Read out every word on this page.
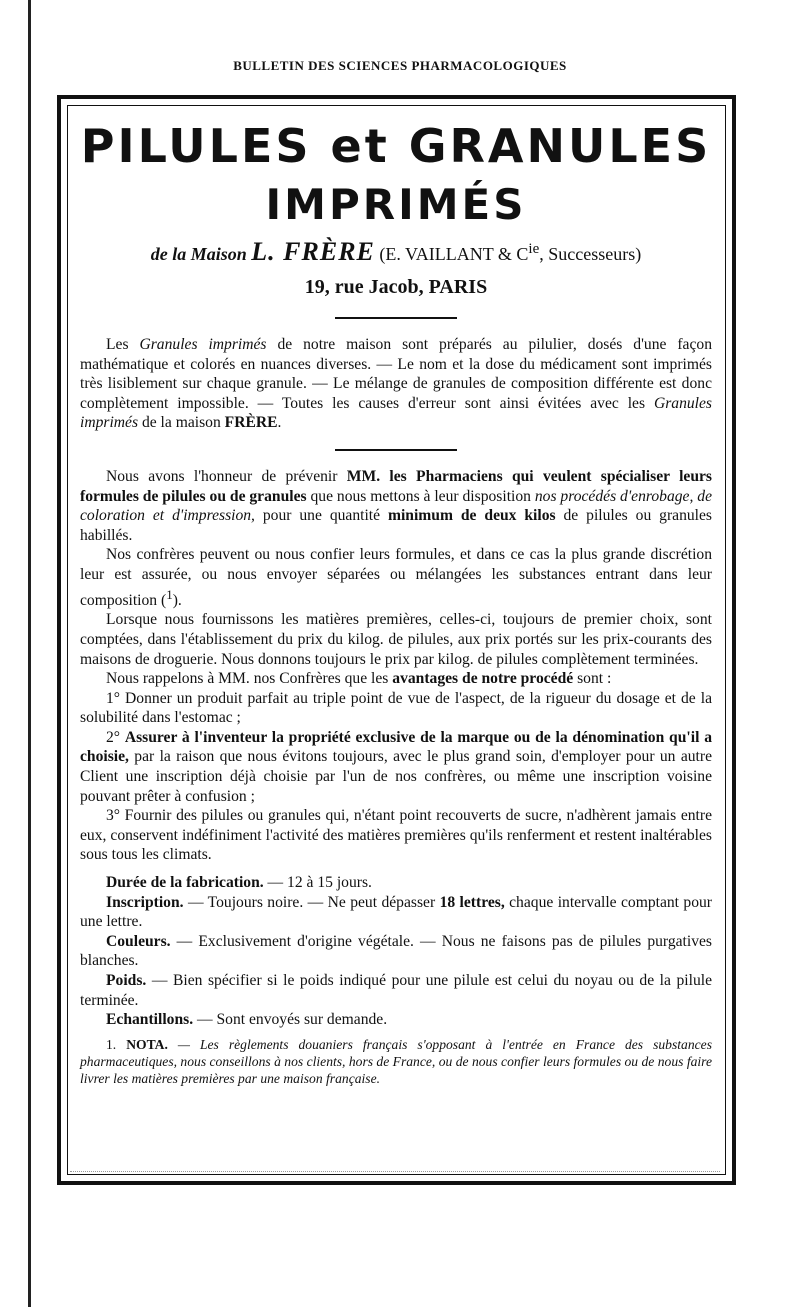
BULLETIN DES SCIENCES PHARMACOLOGIQUES
PILULES et GRANULES
IMPRIMÉS
de la Maison L. FRÈRE (E. VAILLANT & $C^{ie}$, Successeurs)
19, rue Jacob, PARIS

Les Granules imprimés de notre maison sont préparés au pilulier, dosés d'une façon mathématique et colorés en nuances diverses. — Le nom et la dose du médicament sont imprimés très lisiblement sur chaque granule. — Le mélange de granules de composition différente est donc complètement impossible. — Toutes les causes d'erreur sont ainsi évitées avec les Granules imprimés de la maison FRÈRE.

Nous avons l'honneur de prévenir MM. les Pharmaciens qui veulent spécialiser leurs formules de pilules ou de granules que nous mettons à leur disposition nos procédés d'enrobage, de coloration et d'impression, pour une quantité minimum de deux kilos de pilules ou granules habillés.

Nos confrères peuvent ou nous confier leurs formules, et dans ce cas la plus grande discrétion leur est assurée, ou nous envoyer séparées ou mélangées les substances entrant dans leur composition ($^1$).

Lorsque nous fournissons les matières premières, celles-ci, toujours de premier choix, sont comptées, dans l'établissement du prix du kilog. de pilules, aux prix portés sur les prix-courants des maisons de droguerie. Nous donnons toujours le prix par kilog. de pilules complètement terminées.

Nous rappelons à MM. nos Confrères que les avantages de notre procédé sont :

1° Donner un produit parfait au triple point de vue de l'aspect, de la rigueur du dosage et de la solubilité dans l'estomac ;

2° Assurer à l'inventeur la propriété exclusive de la marque ou de la dénomination qu'il a choisie, par la raison que nous évitons toujours, avec le plus grand soin, d'employer pour un autre Client une inscription déjà choisie par l'un de nos confrères, ou même une inscription voisine pouvant prêter à confusion ;

3° Fournir des pilules ou granules qui, n'étant point recouverts de sucre, n'adhèrent jamais entre eux, conservent indéfiniment l'activité des matières premières qu'ils renferment et restent inaltérables sous tous les climats.

Durée de la fabrication. — 12 à 15 jours.

Inscription. — Toujours noire. — Ne peut dépasser 18 lettres, chaque intervalle comptant pour une lettre.

Couleurs. — Exclusivement d'origine végétale. — Nous ne faisons pas de pilules purgatives blanches.

Poids. — Bien spécifier si le poids indiqué pour une pilule est celui du noyau ou de la pilule terminée.

Echantillons. — Sont envoyés sur demande.

1. NOTA. — Les règlements douaniers français s'opposant à l'entrée en France des substances pharmaceutiques, nous conseillons à nos clients, hors de France, ou de nous confier leurs formules ou de nous faire livrer les matières premières par une maison française.
